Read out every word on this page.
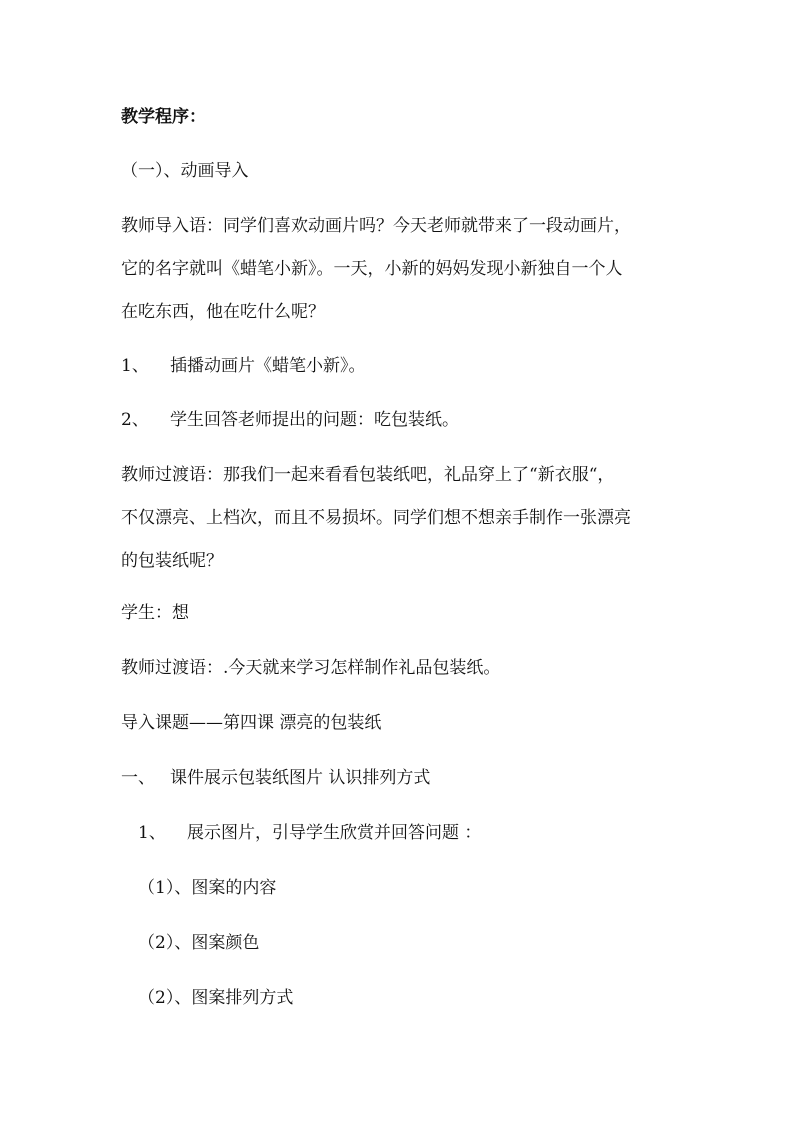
教学程序：
（一）、动画导入
教师导入语：同学们喜欢动画片吗？今天老师就带来了一段动画片，
它的名字就叫《蜡笔小新》。一天，小新的妈妈发现小新独自一个人
在吃东西，他在吃什么呢？
1、 插播动画片《蜡笔小新》。
2、 学生回答老师提出的问题：吃包装纸。
教师过渡语：那我们一起来看看包装纸吧，礼品穿上了“新衣服“，
不仅漂亮、上档次，而且不易损坏。同学们想不想亲手制作一张漂亮
的包装纸呢？
学生：想
教师过渡语：.今天就来学习怎样制作礼品包装纸。
导入课题——第四课 漂亮的包装纸
一、 课件展示包装纸图片 认识排列方式
1、 展示图片，引导学生欣赏并回答问题 ：
（1）、图案的内容
（2）、图案颜色
（2）、图案排列方式
